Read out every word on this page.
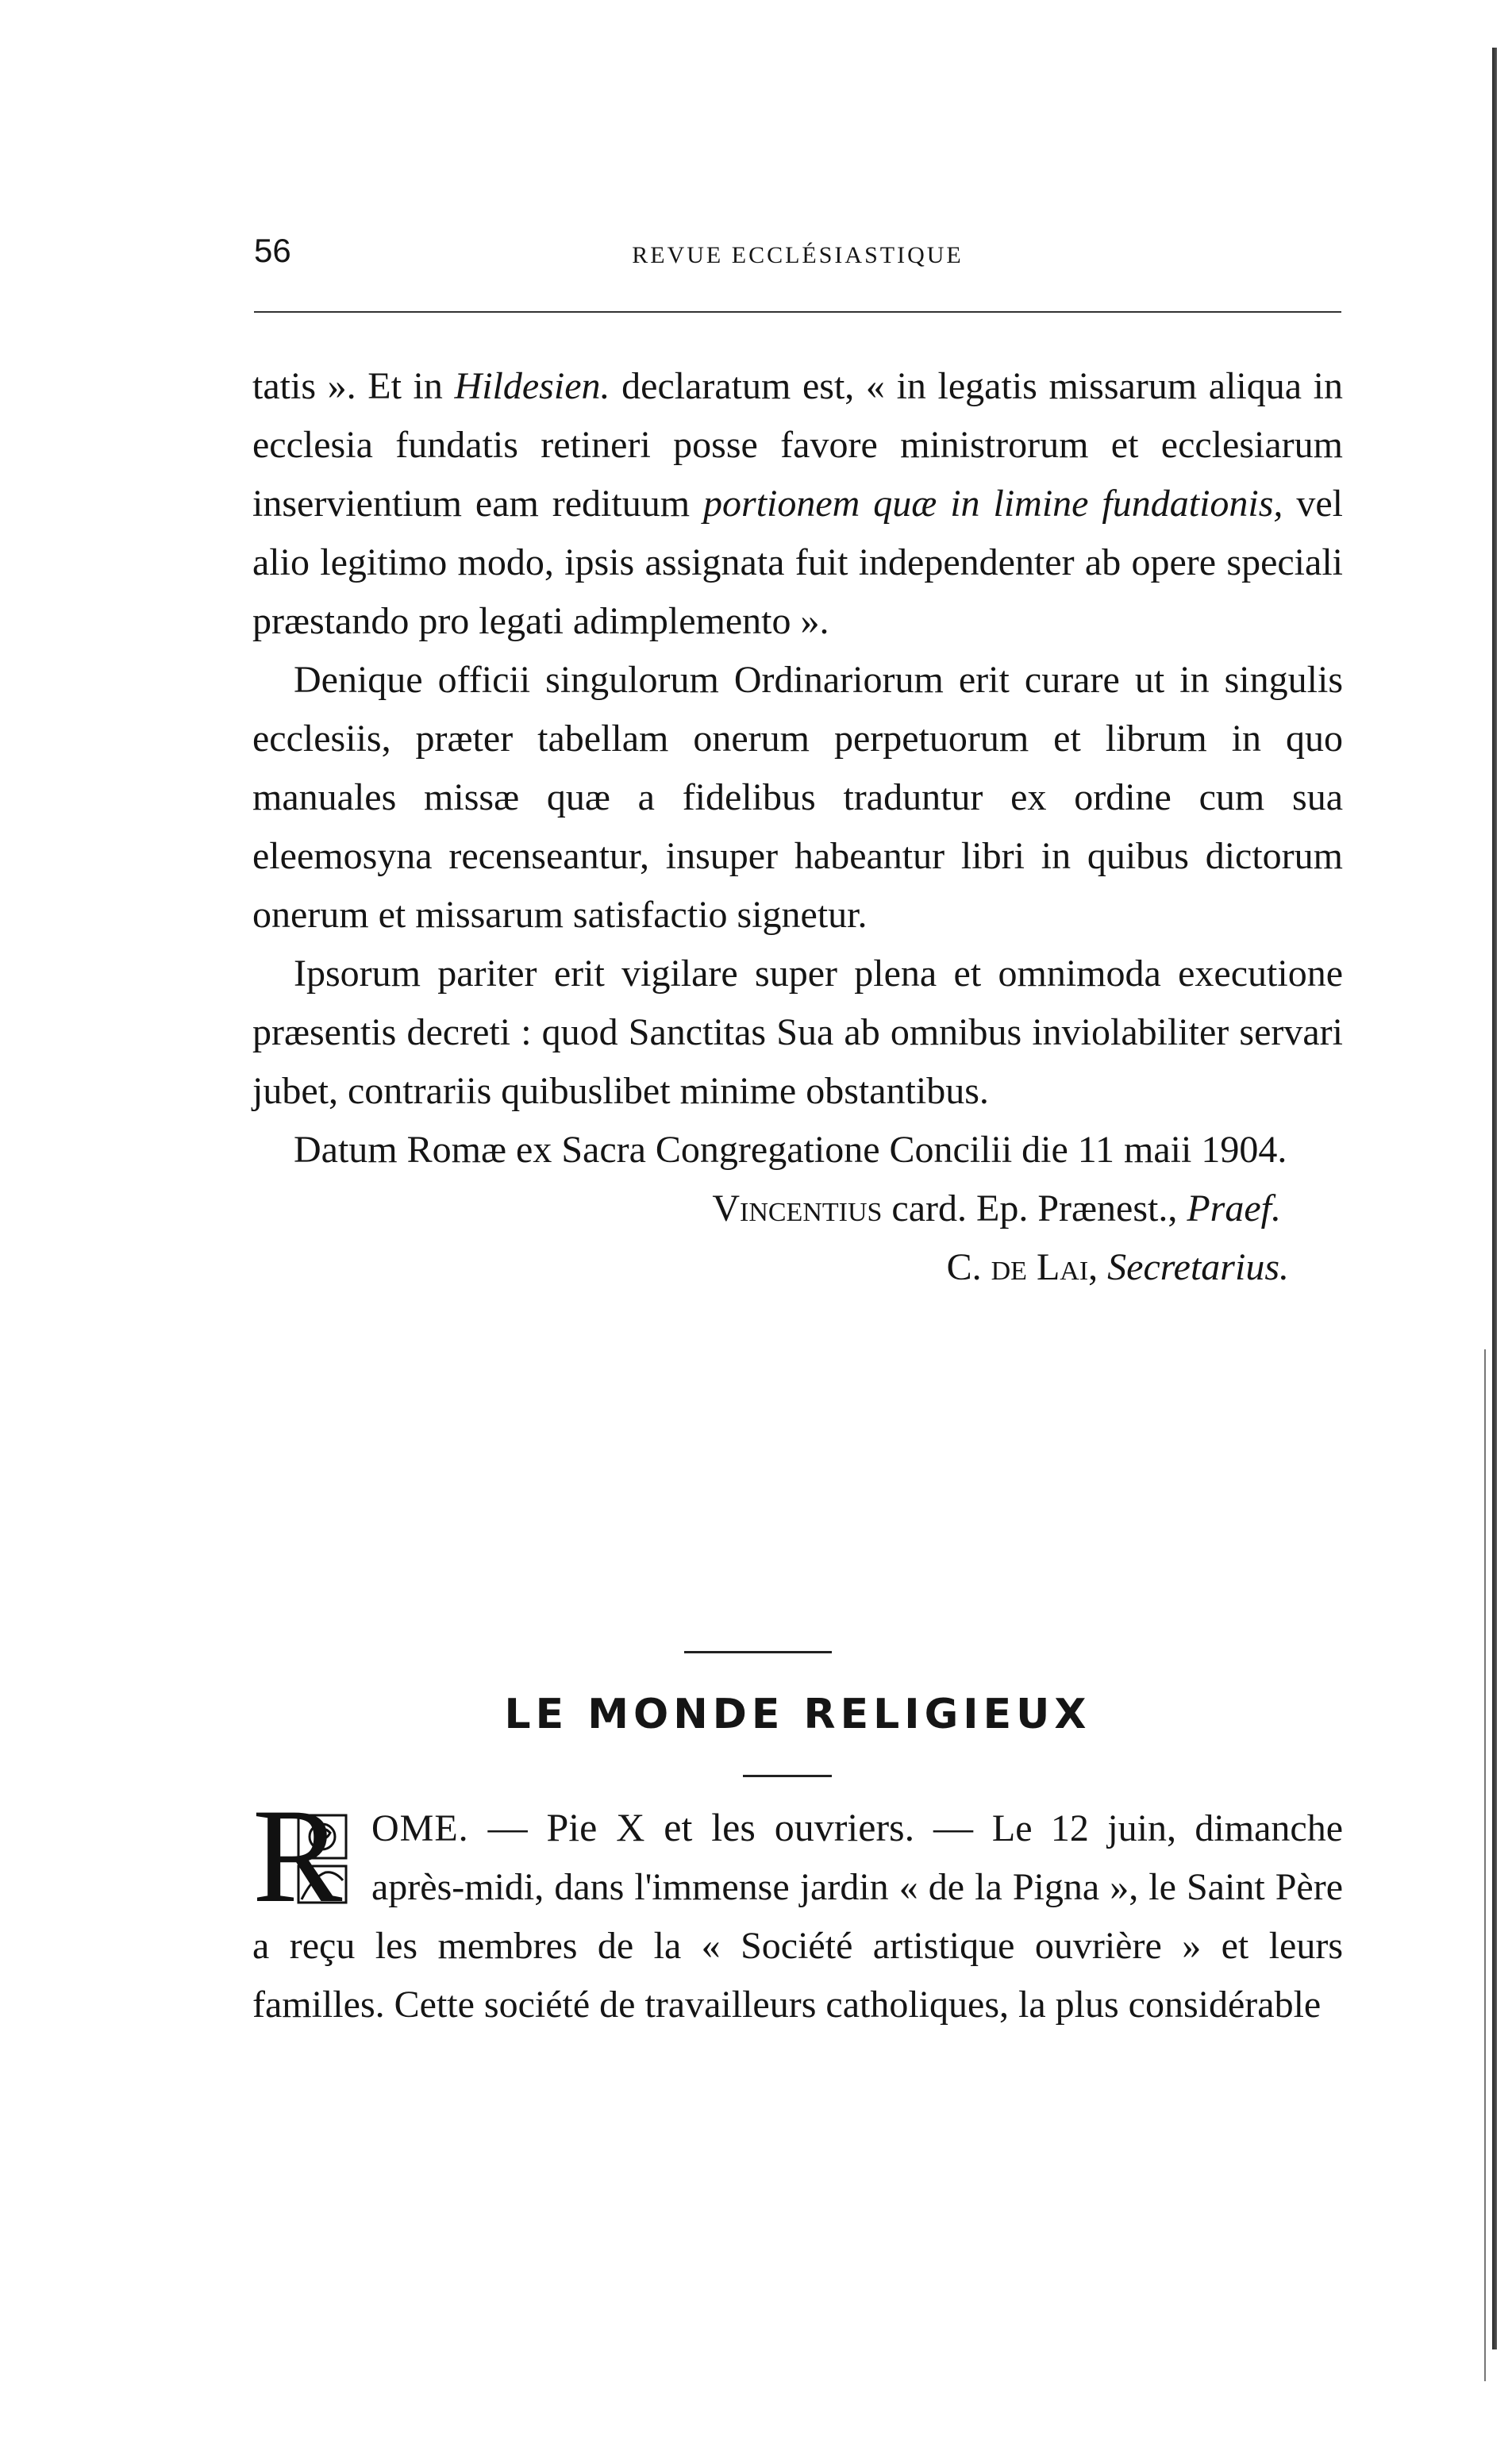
56	REVUE ECCLÉSIASTIQUE

tatis ». Et in Hildesien. declaratum est, « in legatis missarum aliqua in ecclesia fundatis retineri posse favore ministrorum et ecclesiarum inservientium eam redituum portionem quæ in limine fundationis, vel alio legitimo modo, ipsis assignata fuit independenter ab opere speciali præstando pro legati adimplemento ».

Denique officii singulorum Ordinariorum erit curare ut in singulis ecclesiis, præter tabellam onerum perpetuorum et librum in quo manuales missæ quæ a fidelibus traduntur ex ordine cum sua eleemosyna recenseantur, insuper habeantur libri in quibus dictorum onerum et missarum satisfactio signetur.

Ipsorum pariter erit vigilare super plena et omnimoda executione præsentis decreti : quod Sanctitas Sua ab omnibus inviolabiliter servari jubet, contrariis quibuslibet minime obstantibus.

Datum Romæ ex Sacra Congregatione Concilii die 11 maii 1904.

Vincentius card. Ep. Prænest., Praef.

C. de Lai, Secretarius.

LE MONDE RELIGIEUX
R OME. — Pie X et les ouvriers. — Le 12 juin, dimanche après-midi, dans l'immense jardin « de la Pigna », le Saint Père a reçu les membres de la « Société artistique ouvrière » et leurs familles. Cette société de travailleurs catholiques, la plus considérable
